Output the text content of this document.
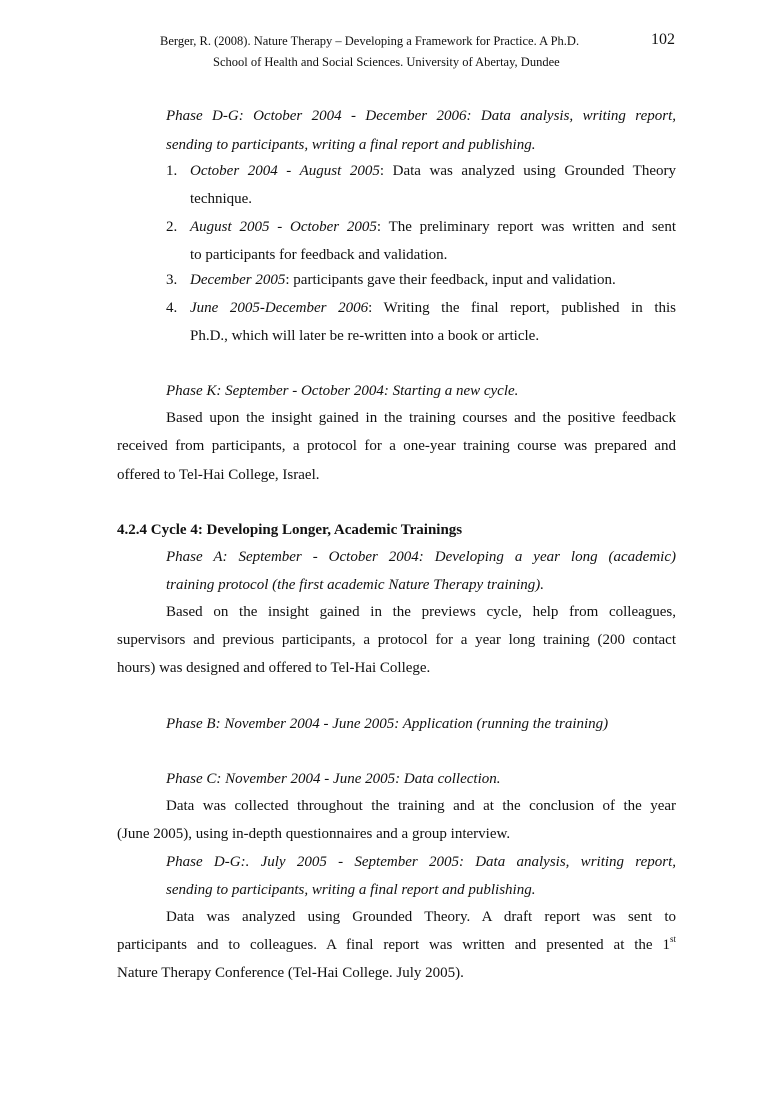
Berger, R. (2008). Nature Therapy – Developing a Framework for Practice. A Ph.D.	102
School of Health and Social Sciences. University of Abertay, Dundee
Phase D-G: October 2004 - December 2006: Data analysis, writing report,
sending to participants, writing a final report and publishing.
1. October 2004 - August 2005: Data was analyzed using Grounded Theory
technique.
2. August 2005 - October 2005: The preliminary report was written and sent
to participants for feedback and validation.
3. December 2005: participants gave their feedback, input and validation.
4. June 2005-December 2006: Writing the final report, published in this
Ph.D., which will later be re-written into a book or article.
Phase K: September - October 2004: Starting a new cycle.
Based upon the insight gained in the training courses and the positive feedback
received from participants, a protocol for a one-year training course was prepared and
offered to Tel-Hai College, Israel.
4.2.4 Cycle 4: Developing Longer, Academic Trainings
Phase A: September - October 2004: Developing a year long (academic)
training protocol (the first academic Nature Therapy training).
Based on the insight gained in the previews cycle, help from colleagues,
supervisors and previous participants, a protocol for a year long training (200 contact
hours) was designed and offered to Tel-Hai College.
Phase B: November 2004 - June 2005: Application (running the training)
Phase C: November 2004 - June 2005: Data collection.
Data was collected throughout the training and at the conclusion of the year
(June 2005), using in-depth questionnaires and a group interview.
Phase D-G:. July 2005 - September 2005: Data analysis, writing report,
sending to participants, writing a final report and publishing.
Data was analyzed using Grounded Theory. A draft report was sent to
participants and to colleagues. A final report was written and presented at the 1st
Nature Therapy Conference (Tel-Hai College. July 2005).
